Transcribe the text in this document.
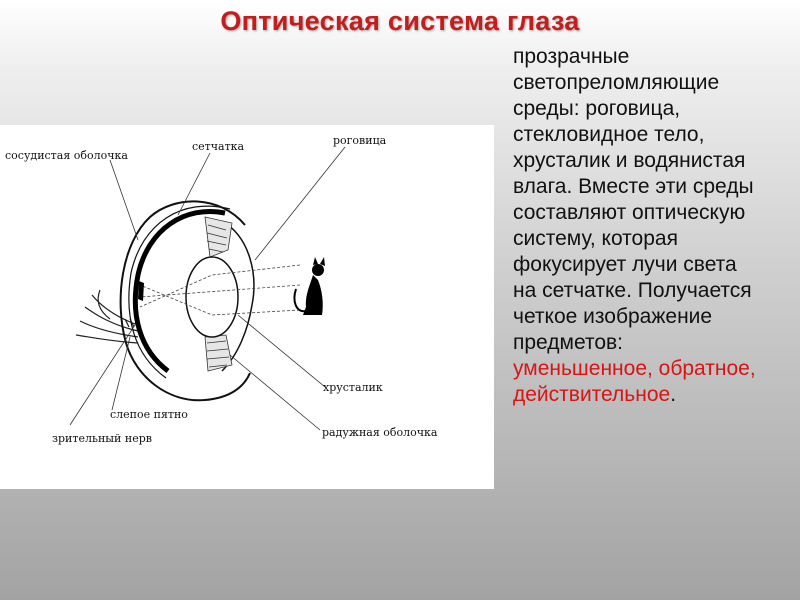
Оптическая система глаза
сосудистая оболочка
сетчатка	роговица
хрусталик
слепое пятно
зрительный нерв	радужная оболочка
прозрачные
светопреломляющие
среды: роговица,
стекловидное тело,
хрусталик и водянистая
влага. Вместе эти среды
составляют оптическую
систему, которая
фокусирует лучи света
на сетчатке. Получается
четкое изображение
предметов:
уменьшенное, обратное,
действительное.
